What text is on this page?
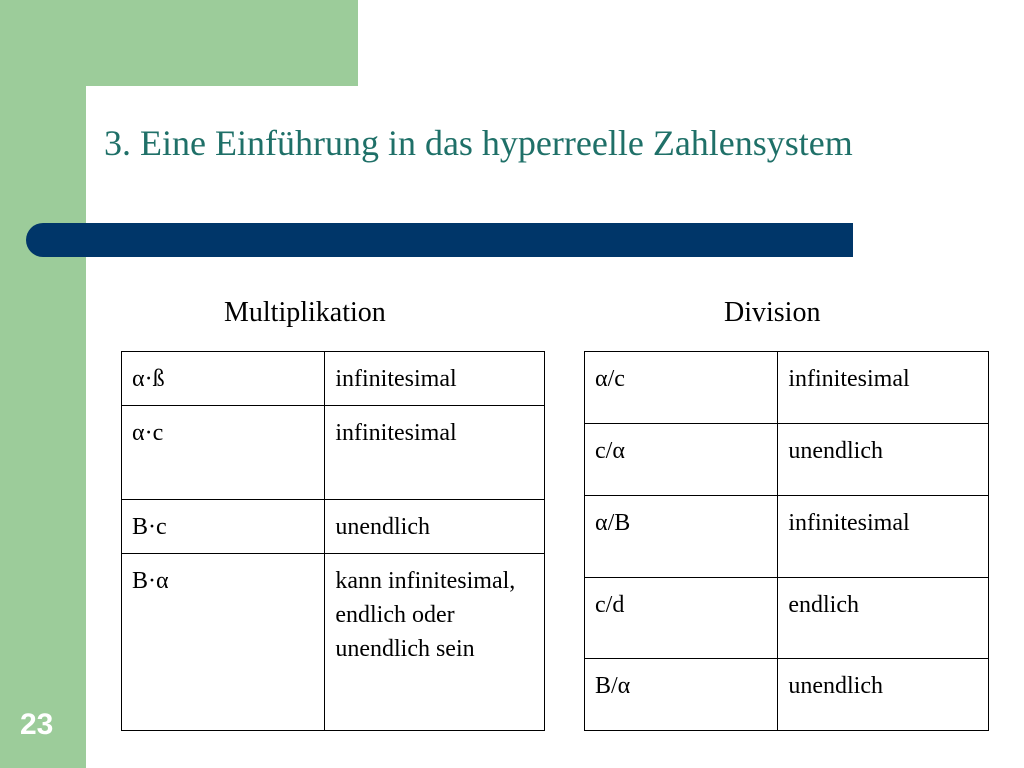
3. Eine Einführung in das hyperreelle Zahlensystem
Multiplikation	Division
α·ß	infinitesimal
α·c	infinitesimal
B·c	unendlich
B·α	kann infinitesimal, endlich oder unendlich sein
α/c	infinitesimal
c/α	unendlich
α/B	infinitesimal
c/d	endlich
B/α	unendlich
23
